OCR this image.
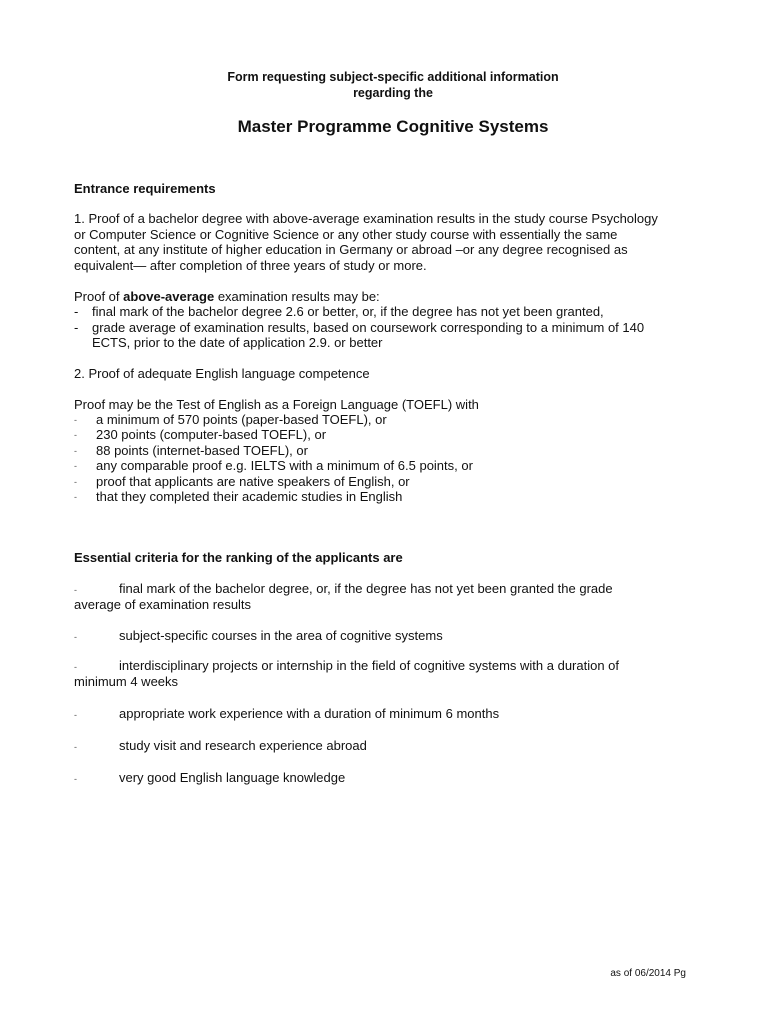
Form requesting subject-specific additional information
regarding the
Master Programme Cognitive Systems
Entrance requirements
1. Proof of a bachelor degree with above-average examination results in the study course Psychology
or Computer Science or Cognitive Science or any other study course with essentially the same
content, at any institute of higher education in Germany or abroad –or any degree recognised as
equivalent— after completion of three years of study or more.
Proof of above-average examination results may be:
- final mark of the bachelor degree 2.6 or better, or, if the degree has not yet been granted,
- grade average of examination results, based on coursework corresponding to a minimum of 140
ECTS, prior to the date of application 2.9. or better
2. Proof of adequate English language competence
Proof may be the Test of English as a Foreign Language (TOEFL) with
- a minimum of 570 points (paper-based TOEFL), or
- 230 points (computer-based TOEFL), or
- 88 points (internet-based TOEFL), or
- any comparable proof e.g. IELTS with a minimum of 6.5 points, or
- proof that applicants are native speakers of English, or
- that they completed their academic studies in English
Essential criteria for the ranking of the applicants are
-	final mark of the bachelor degree, or, if the degree has not yet been granted the grade
average of examination results
-	subject-specific courses in the area of cognitive systems
-	interdisciplinary projects or internship in the field of cognitive systems with a duration of
minimum 4 weeks
-	appropriate work experience with a duration of minimum 6 months
-	study visit and research experience abroad
-	very good English language knowledge
as of 06/2014 Pg
